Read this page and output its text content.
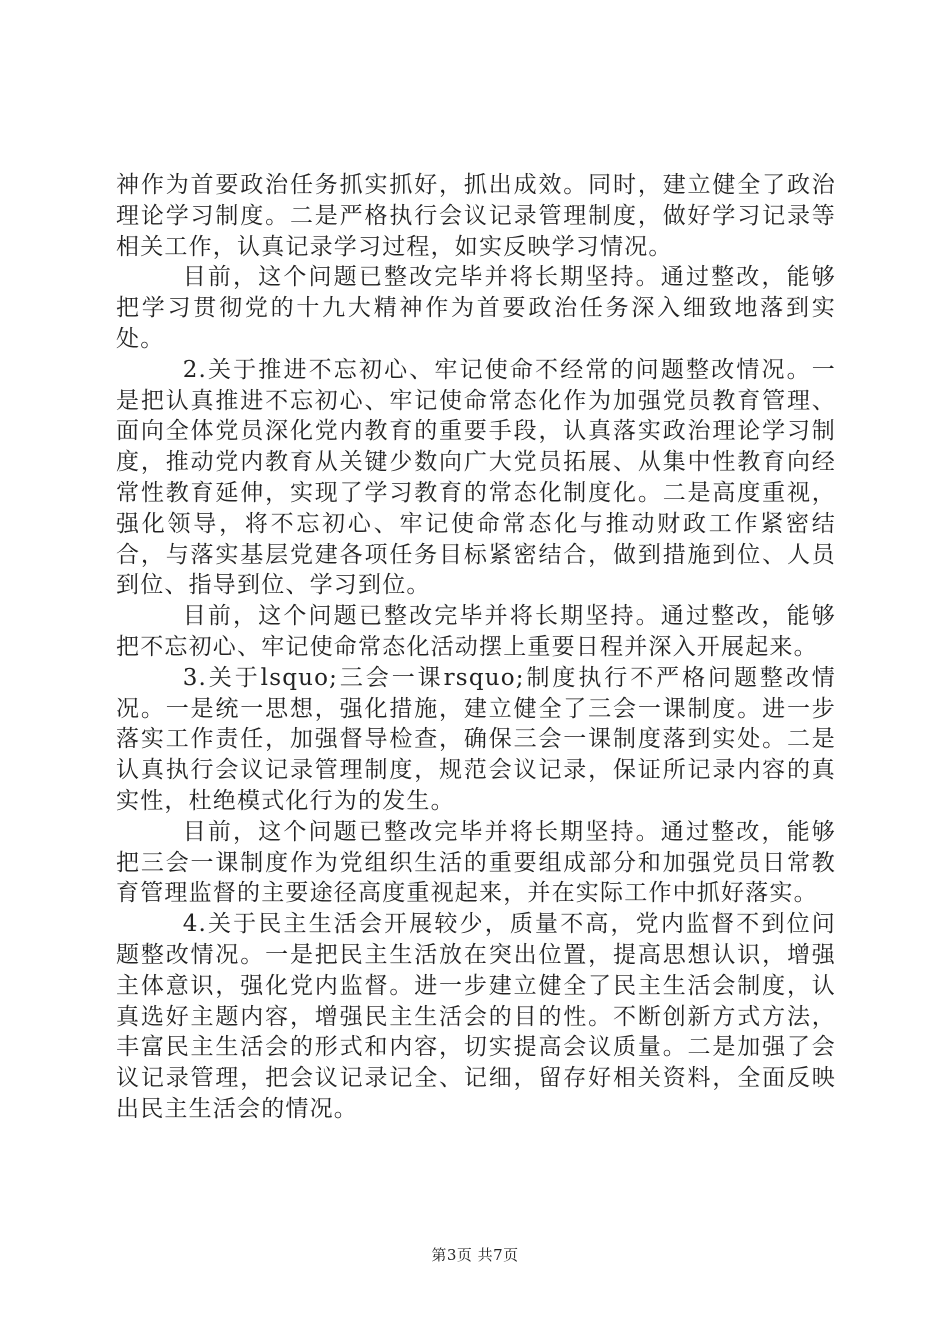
神作为首要政治任务抓实抓好，抓出成效。同时，建立健全了政治理论学习制度。二是严格执行会议记录管理制度，做好学习记录等相关工作，认真记录学习过程，如实反映学习情况。

目前，这个问题已整改完毕并将长期坚持。通过整改，能够把学习贯彻党的十九大精神作为首要政治任务深入细致地落到实处。

2.关于推进不忘初心、牢记使命不经常的问题整改情况。一是把认真推进不忘初心、牢记使命常态化作为加强党员教育管理、面向全体党员深化党内教育的重要手段，认真落实政治理论学习制度，推动党内教育从关键少数向广大党员拓展、从集中性教育向经常性教育延伸，实现了学习教育的常态化制度化。二是高度重视，强化领导，将不忘初心、牢记使命常态化与推动财政工作紧密结合，与落实基层党建各项任务目标紧密结合，做到措施到位、人员到位、指导到位、学习到位。

目前，这个问题已整改完毕并将长期坚持。通过整改，能够把不忘初心、牢记使命常态化活动摆上重要日程并深入开展起来。

3.关于lsquo;三会一课rsquo;制度执行不严格问题整改情况。一是统一思想，强化措施，建立健全了三会一课制度。进一步落实工作责任，加强督导检查，确保三会一课制度落到实处。二是认真执行会议记录管理制度，规范会议记录，保证所记录内容的真实性，杜绝模式化行为的发生。

目前，这个问题已整改完毕并将长期坚持。通过整改，能够把三会一课制度作为党组织生活的重要组成部分和加强党员日常教育管理监督的主要途径高度重视起来，并在实际工作中抓好落实。

4.关于民主生活会开展较少，质量不高，党内监督不到位问题整改情况。一是把民主生活放在突出位置，提高思想认识，增强主体意识，强化党内监督。进一步建立健全了民主生活会制度，认真选好主题内容，增强民主生活会的目的性。不断创新方式方法，丰富民主生活会的形式和内容，切实提高会议质量。二是加强了会议记录管理，把会议记录记全、记细，留存好相关资料，全面反映出民主生活会的情况。

第3页 共7页
